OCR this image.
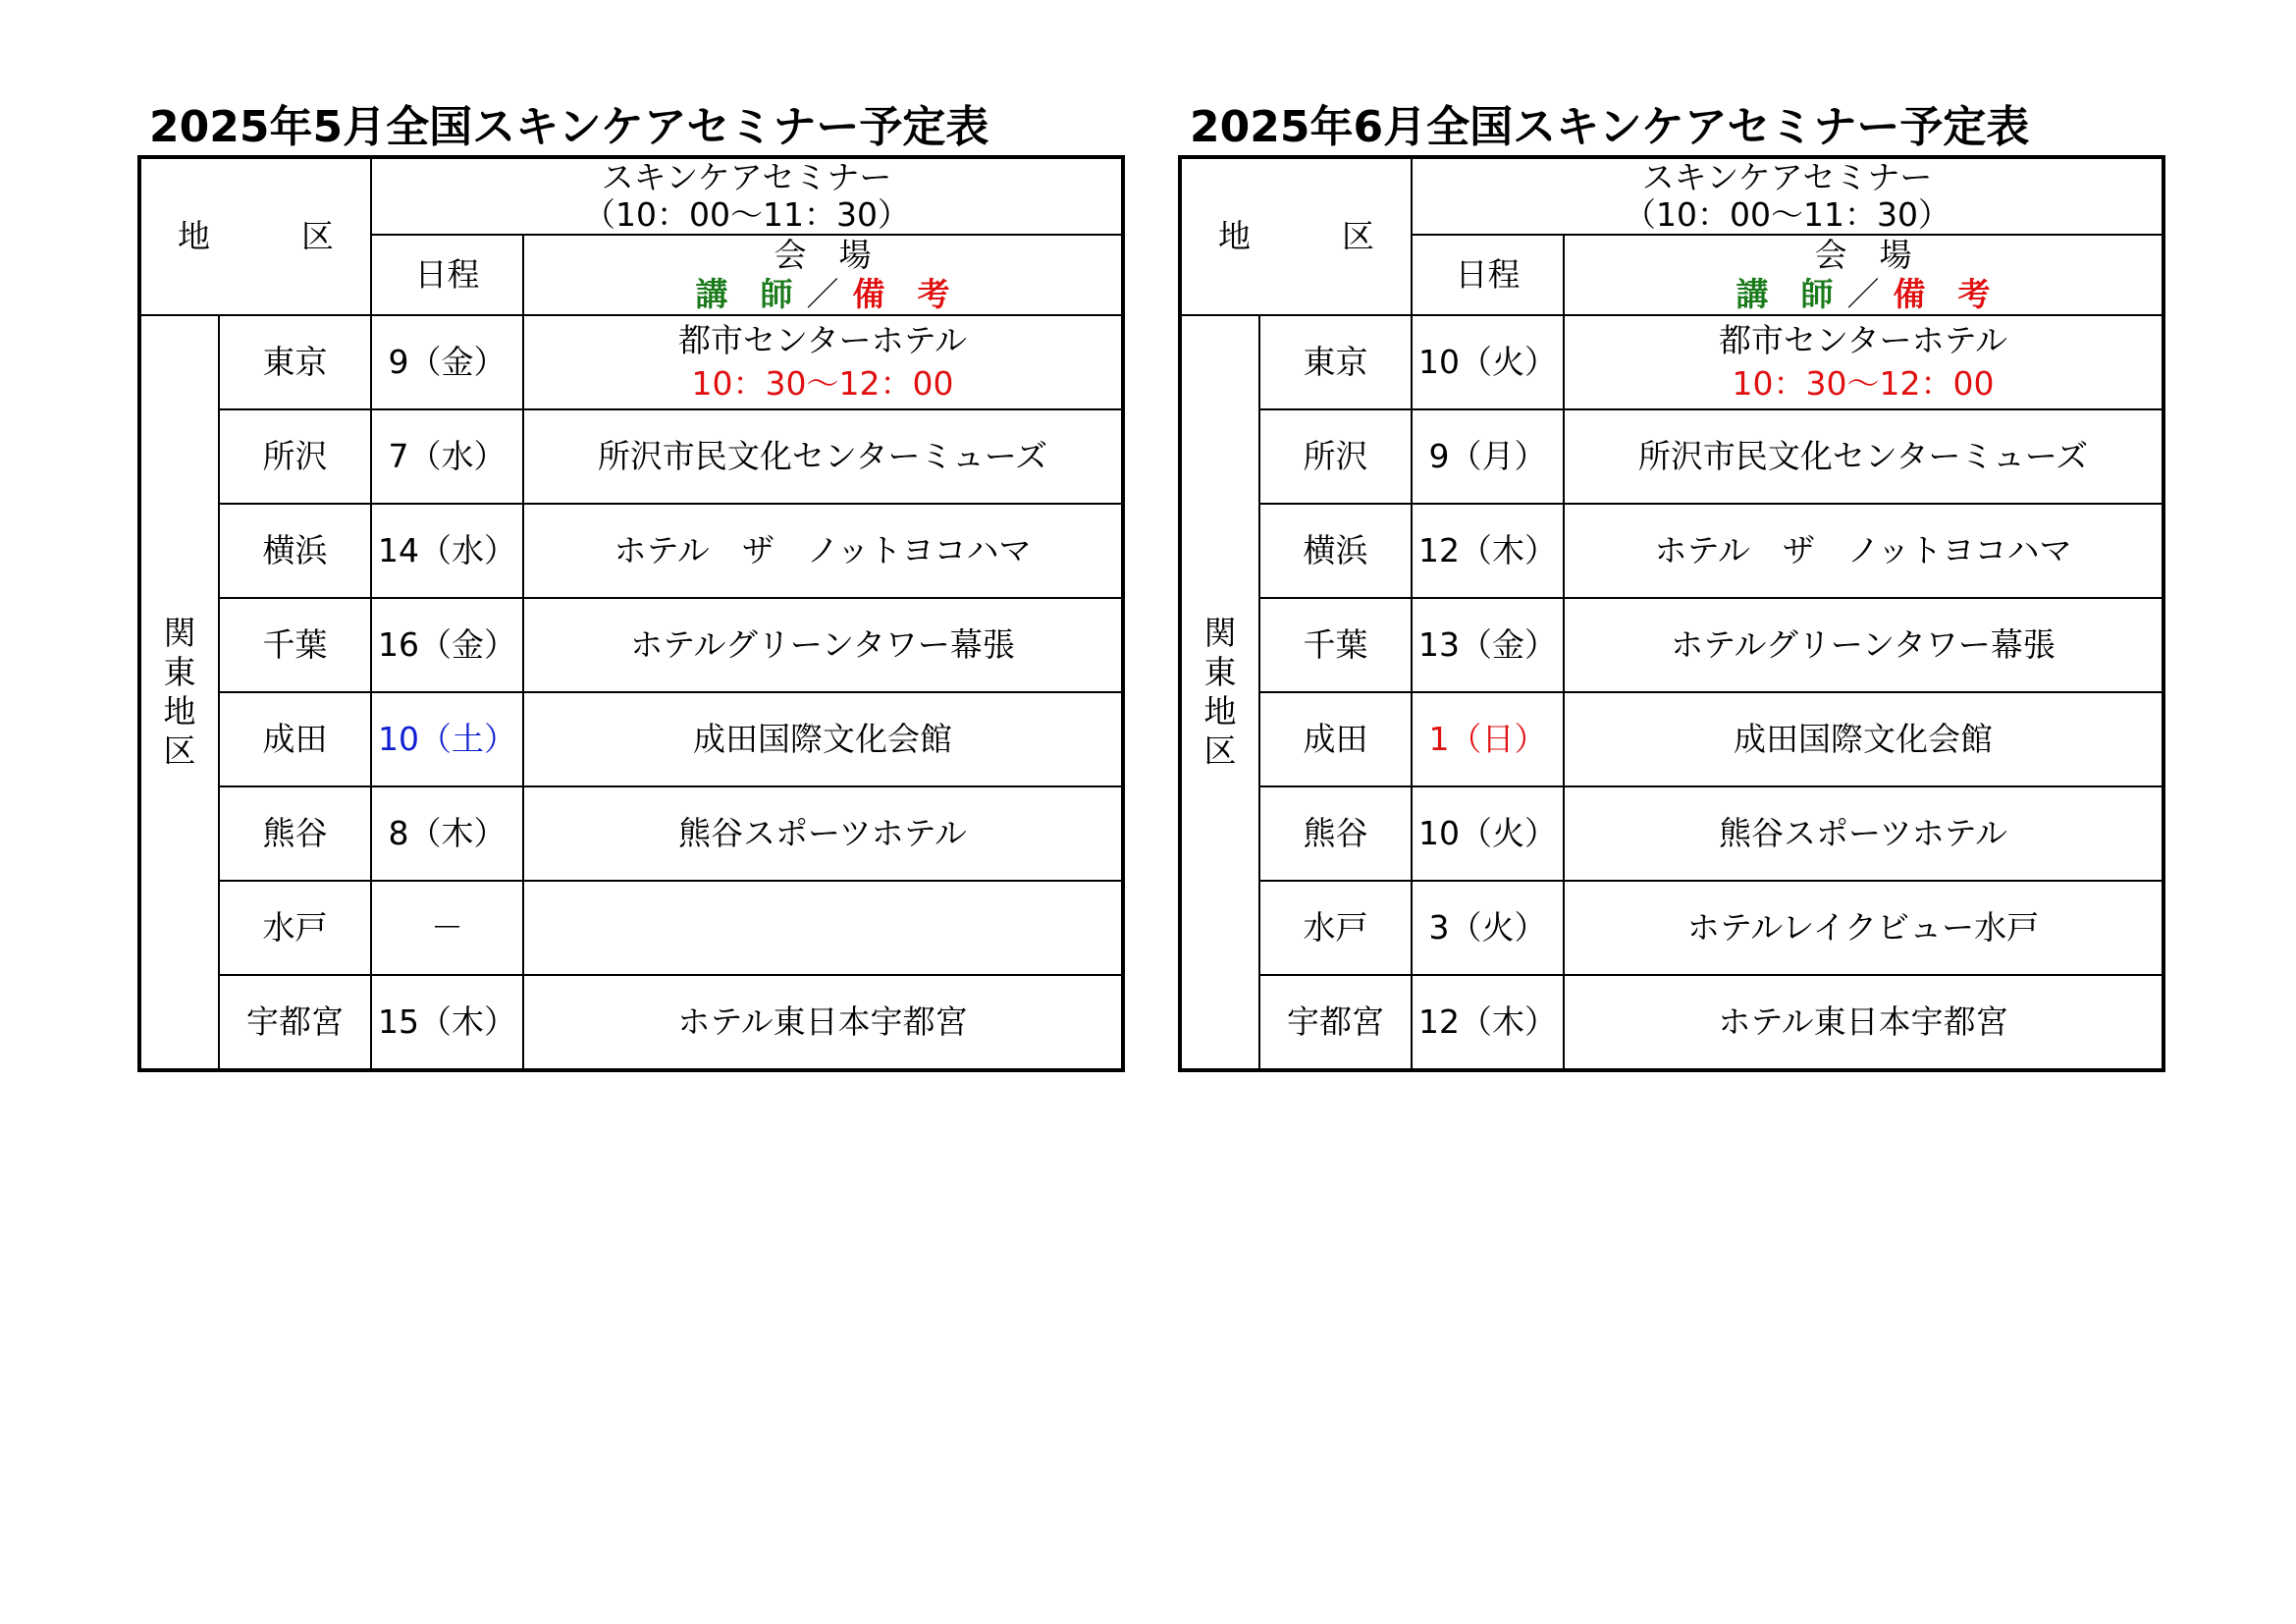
2025年5月全国スキンケアセミナー予定表
地　区		スキンケアセミナー
（10：00～11：30）	

		日程	会　場
講　師 ／ 備　考

関
東
地
区	東京	9（金）	都市センターホテル
10：30～12：00

	所沢	7（水）	所沢市民文化センターミューズ

	横浜	14（水）	ホテル　ザ　ノットヨコハマ

	千葉	16（金）	ホテルグリーンタワー幕張

	成田	10（土）	成田国際文化会館

	熊谷	8（木）	熊谷スポーツホテル

	水戸	－	

	宇都宮	15（木）	ホテル東日本宇都宮
2025年6月全国スキンケアセミナー予定表
地　区		スキンケアセミナー
（10：00～11：30）	

		日程	会　場
講　師 ／ 備　考

関
東
地
区	東京	10（火）	都市センターホテル
10：30～12：00

	所沢	9（月）	所沢市民文化センターミューズ

	横浜	12（木）	ホテル　ザ　ノットヨコハマ

	千葉	13（金）	ホテルグリーンタワー幕張

	成田	1（日）	成田国際文化会館

	熊谷	10（火）	熊谷スポーツホテル

	水戸	3（火）	ホテルレイクビュー水戸

	宇都宮	12（木）	ホテル東日本宇都宮
